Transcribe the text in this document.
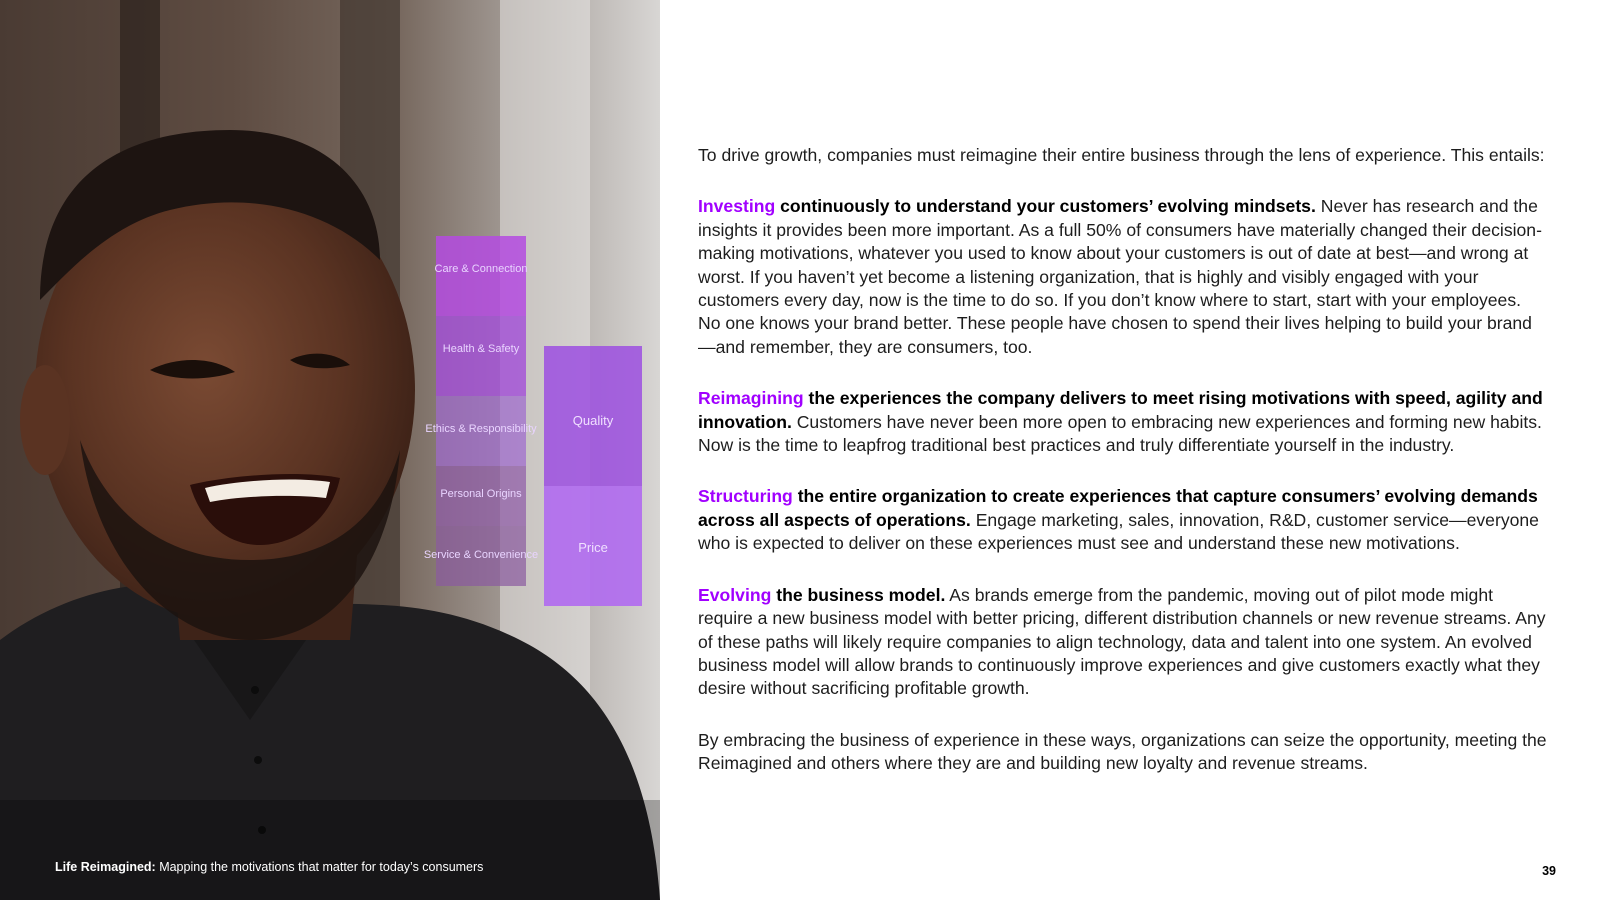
Care & Connection
Health & Safety
Ethics & Responsibility
Personal Origins
Service & Convenience
Quality
Price
Life Reimagined: Mapping the motivations that matter for today’s consumers

To drive growth, companies must reimagine their entire business through the lens of experience. This entails:

Investing continuously to understand your customers’ evolving mindsets. Never has research and the insights it provides been more important. As a full 50% of consumers have materially changed their decision-making motivations, whatever you used to know about your customers is out of date at best—and wrong at worst. If you haven’t yet become a listening organization, that is highly and visibly engaged with your customers every day, now is the time to do so. If you don’t know where to start, start with your employees. No one knows your brand better. These people have chosen to spend their lives helping to build your brand—and remember, they are consumers, too.

Reimagining the experiences the company delivers to meet rising motivations with speed, agility and innovation. Customers have never been more open to embracing new experiences and forming new habits. Now is the time to leapfrog traditional best practices and truly differentiate yourself in the industry.

Structuring the entire organization to create experiences that capture consumers’ evolving demands across all aspects of operations. Engage marketing, sales, innovation, R&D, customer service—everyone who is expected to deliver on these experiences must see and understand these new motivations.

Evolving the business model. As brands emerge from the pandemic, moving out of pilot mode might require a new business model with better pricing, different distribution channels or new revenue streams. Any of these paths will likely require companies to align technology, data and talent into one system. An evolved business model will allow brands to continuously improve experiences and give customers exactly what they desire without sacrificing profitable growth.

By embracing the business of experience in these ways, organizations can seize the opportunity, meeting the Reimagined and others where they are and building new loyalty and revenue streams.

39
